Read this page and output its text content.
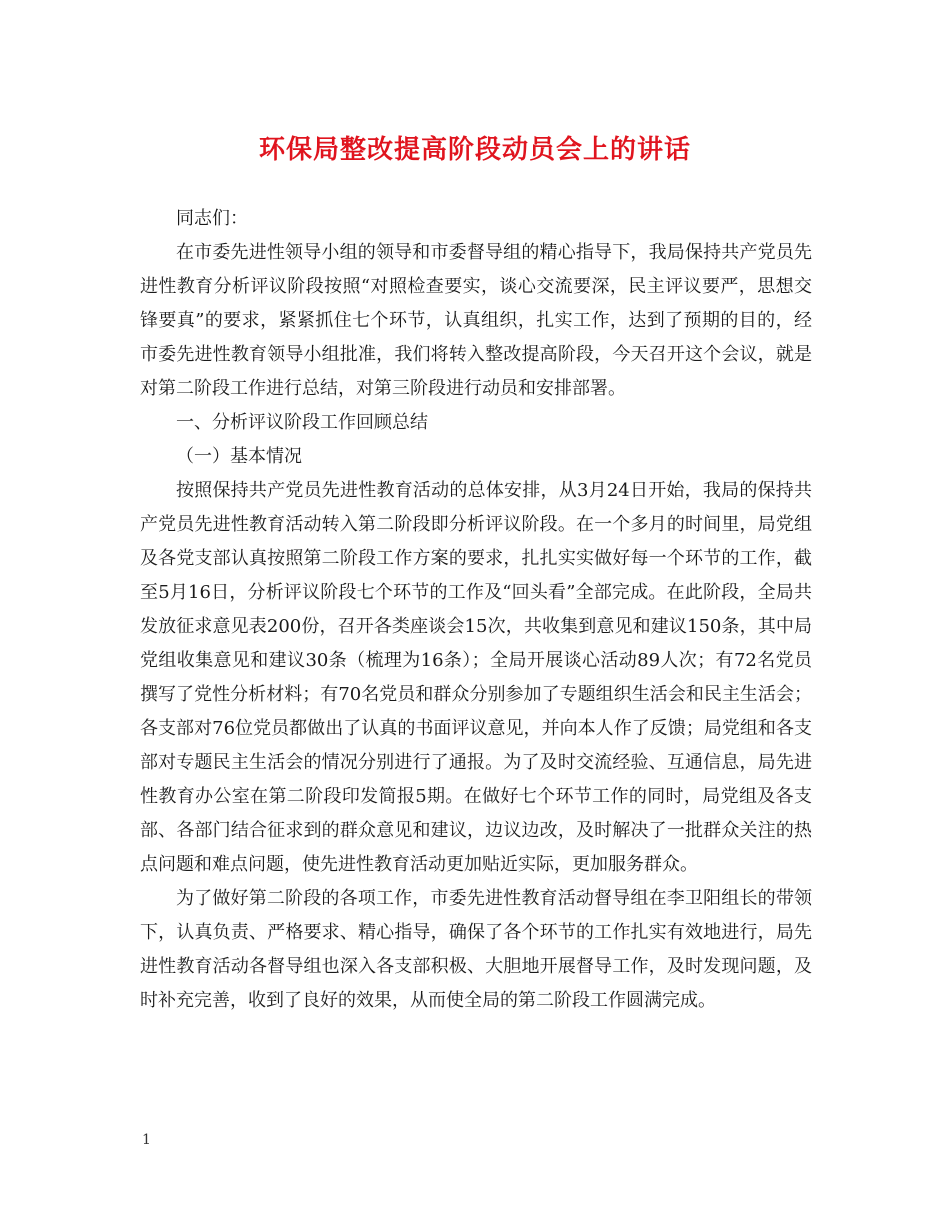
环保局整改提高阶段动员会上的讲话

同志们：

在市委先进性领导小组的领导和市委督导组的精心指导下，我局保持共产党员先进性教育分析评议阶段按照“对照检查要实，谈心交流要深，民主评议要严，思想交锋要真”的要求，紧紧抓住七个环节，认真组织，扎实工作，达到了预期的目的，经市委先进性教育领导小组批准，我们将转入整改提高阶段，今天召开这个会议，就是对第二阶段工作进行总结，对第三阶段进行动员和安排部署。

一、分析评议阶段工作回顾总结

（一）基本情况

按照保持共产党员先进性教育活动的总体安排，从3月24日开始，我局的保持共产党员先进性教育活动转入第二阶段即分析评议阶段。在一个多月的时间里，局党组及各党支部认真按照第二阶段工作方案的要求，扎扎实实做好每一个环节的工作，截至5月16日，分析评议阶段七个环节的工作及“回头看”全部完成。在此阶段，全局共发放征求意见表200份，召开各类座谈会15次，共收集到意见和建议150条，其中局党组收集意见和建议30条（梳理为16条）；全局开展谈心活动89人次；有72名党员撰写了党性分析材料；有70名党员和群众分别参加了专题组织生活会和民主生活会；各支部对76位党员都做出了认真的书面评议意见，并向本人作了反馈；局党组和各支部对专题民主生活会的情况分别进行了通报。为了及时交流经验、互通信息，局先进性教育办公室在第二阶段印发简报5期。在做好七个环节工作的同时，局党组及各支部、各部门结合征求到的群众意见和建议，边议边改，及时解决了一批群众关注的热点问题和难点问题，使先进性教育活动更加贴近实际，更加服务群众。

为了做好第二阶段的各项工作，市委先进性教育活动督导组在李卫阳组长的带领下，认真负责、严格要求、精心指导，确保了各个环节的工作扎实有效地进行，局先进性教育活动各督导组也深入各支部积极、大胆地开展督导工作，及时发现问题，及时补充完善，收到了良好的效果，从而使全局的第二阶段工作圆满完成。

1
